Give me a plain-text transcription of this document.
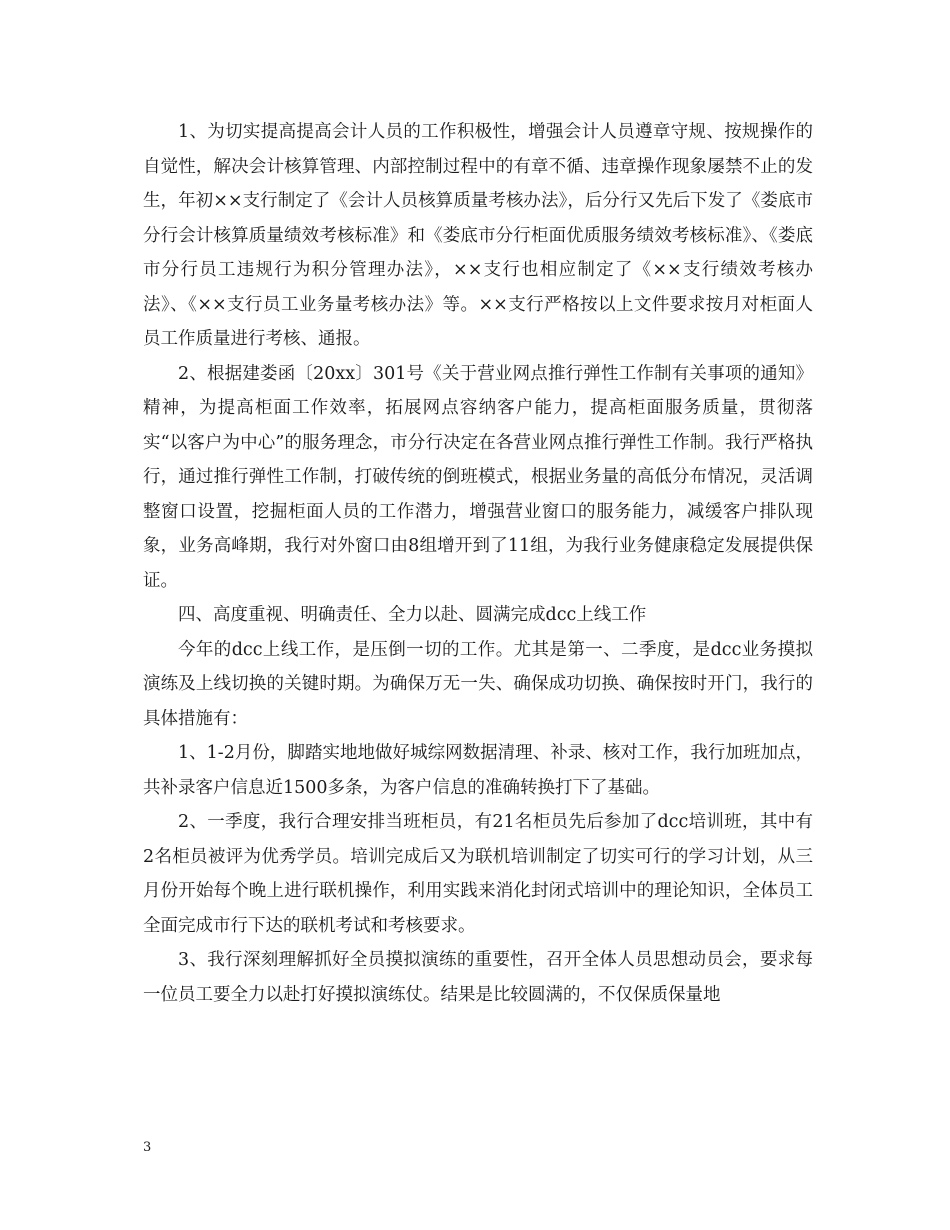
1、为切实提高提高会计人员的工作积极性，增强会计人员遵章守规、按规操作的自觉性，解决会计核算管理、内部控制过程中的有章不循、违章操作现象屡禁不止的发生，年初××支行制定了《会计人员核算质量考核办法》，后分行又先后下发了《娄底市分行会计核算质量绩效考核标准》和《娄底市分行柜面优质服务绩效考核标准》、《娄底市分行员工违规行为积分管理办法》，××支行也相应制定了《××支行绩效考核办法》、《××支行员工业务量考核办法》等。××支行严格按以上文件要求按月对柜面人员工作质量进行考核、通报。

2、根据建娄函〔20xx〕301号《关于营业网点推行弹性工作制有关事项的通知》精神，为提高柜面工作效率，拓展网点容纳客户能力，提高柜面服务质量，贯彻落实“以客户为中心”的服务理念，市分行决定在各营业网点推行弹性工作制。我行严格执行，通过推行弹性工作制，打破传统的倒班模式，根据业务量的高低分布情况，灵活调整窗口设置，挖掘柜面人员的工作潜力，增强营业窗口的服务能力，减缓客户排队现象，业务高峰期，我行对外窗口由8组增开到了11组，为我行业务健康稳定发展提供保证。

四、高度重视、明确责任、全力以赴、圆满完成dcc上线工作

今年的dcc上线工作，是压倒一切的工作。尤其是第一、二季度，是dcc业务摸拟演练及上线切换的关键时期。为确保万无一失、确保成功切换、确保按时开门，我行的具体措施有：

1、1-2月份，脚踏实地地做好城综网数据清理、补录、核对工作，我行加班加点，共补录客户信息近1500多条，为客户信息的准确转换打下了基础。

2、一季度，我行合理安排当班柜员，有21名柜员先后参加了dcc培训班，其中有2名柜员被评为优秀学员。培训完成后又为联机培训制定了切实可行的学习计划，从三月份开始每个晚上进行联机操作，利用实践来消化封闭式培训中的理论知识，全体员工全面完成市行下达的联机考试和考核要求。

3、我行深刻理解抓好全员摸拟演练的重要性，召开全体人员思想动员会，要求每一位员工要全力以赴打好摸拟演练仗。结果是比较圆满的，不仅保质保量地

3
